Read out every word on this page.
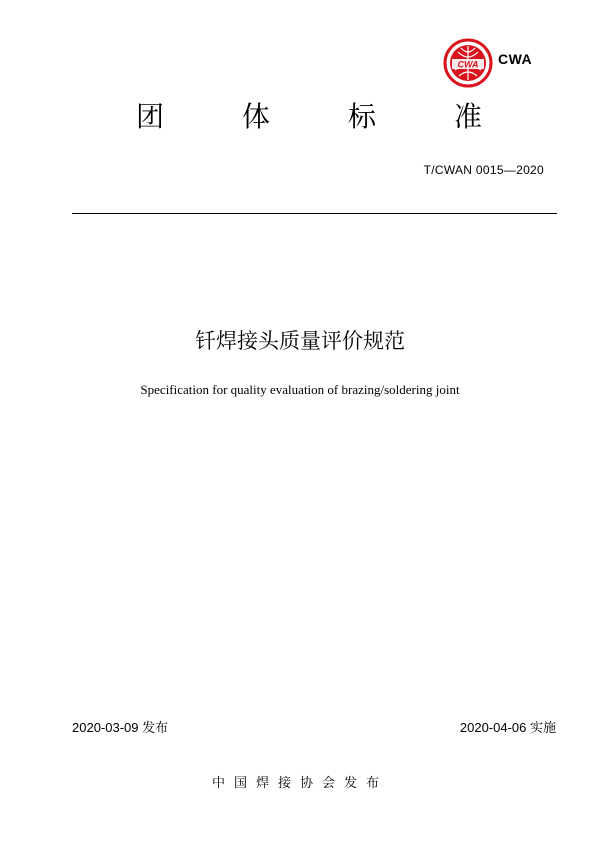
CWA CWA
团	体	标	准
T/CWAN 0015—2020
钎焊接头质量评价规范
Specification for quality evaluation of brazing/soldering joint
2020-03-09 发布	2020-04-06 实施
中国焊接协会发布
